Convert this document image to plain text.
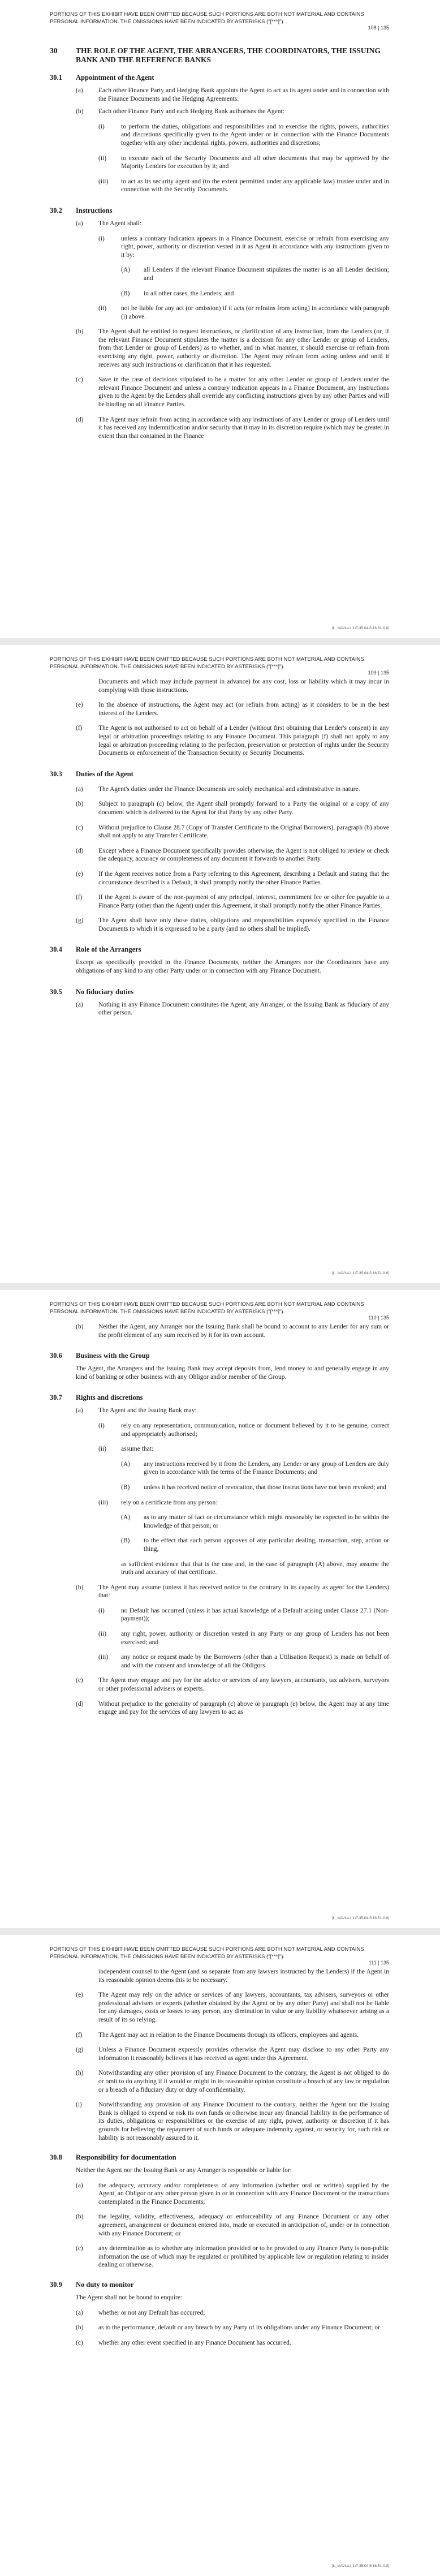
PORTIONS OF THIS EXHIBIT HAVE BEEN OMITTED BECAUSE SUCH PORTIONS ARE BOTH NOT MATERIAL AND CONTAINS PERSONAL INFORMATION. THE OMISSIONS HAVE BEEN INDICATED BY ASTERISKS ("[***]").
108 | 135
30	THE ROLE OF THE AGENT, THE ARRANGERS, THE COORDINATORS, THE ISSUING BANK AND THE REFERENCE BANKS
30.1	Appointment of the Agent
(a)	Each other Finance Party and Hedging Bank appoints the Agent to act as its agent under and in connection with the Finance Documents and the Hedging Agreements.
(b)	Each other Finance Party and each Hedging Bank authorises the Agent:
(i)	to perform the duties, obligations and responsibilities and to exercise the rights, powers, authorities and discretions specifically given to the Agent under or in connection with the Finance Documents together with any other incidental rights, powers, authorities and discretions;
(ii)	to execute each of the Security Documents and all other documents that may be approved by the Majority Lenders for execution by it; and
(iii)	to act as its security agent and (to the extent permitted under any applicable law) trustee under and in connection with the Security Documents.
30.2	Instructions
(a)	The Agent shall:
(i)	unless a contrary indication appears in a Finance Document, exercise or refrain from exercising any right, power, authority or discretion vested in it as Agent in accordance with any instructions given to it by:
(A)	all Lenders if the relevant Finance Document stipulates the matter is an all Lender decision; and
(B)	in all other cases, the Lenders; and
(ii)	not be liable for any act (or omission) if it acts (or refrains from acting) in accordance with paragraph (i) above.
(b)	The Agent shall be entitled to request instructions, or clarification of any instruction, from the Lenders (or, if the relevant Finance Document stipulates the matter is a decision for any other Lender or group of Lenders, from that Lender or group of Lenders) as to whether, and in what manner, it should exercise or refrain from exercising any right, power, authority or discretion. The Agent may refrain from acting unless and until it receives any such instructions or clarification that it has requested.
(c)	Save in the case of decisions stipulated to be a matter for any other Lender or group of Lenders under the relevant Finance Document and unless a contrary indication appears in a Finance Document, any instructions given to the Agent by the Lenders shall override any conflicting instructions given by any other Parties and will be binding on all Finance Parties.
(d)	The Agent may refrain from acting in accordance with any instructions of any Lender or group of Lenders until it has received any indemnification and/or security that it may in its discretion require (which may be greater in extent than that contained in the Finance
[L_1\AVL\Li_1\T-35.04-5.16.51-0.0]
PORTIONS OF THIS EXHIBIT HAVE BEEN OMITTED BECAUSE SUCH PORTIONS ARE BOTH NOT MATERIAL AND CONTAINS PERSONAL INFORMATION. THE OMISSIONS HAVE BEEN INDICATED BY ASTERISKS ("[***]").
109 | 135
Documents and which may include payment in advance) for any cost, loss or liability which it may incur in complying with those instructions.
(e)	In the absence of instructions, the Agent may act (or refrain from acting) as it considers to be in the best interest of the Lenders.
(f)	The Agent is not authorised to act on behalf of a Lender (without first obtaining that Lender's consent) in any legal or arbitration proceedings relating to any Finance Document. This paragraph (f) shall not apply to any legal or arbitration proceeding relating to the perfection, preservation or protection of rights under the Security Documents or enforcement of the Transaction Security or Security Documents.
30.3	Duties of the Agent
(a)	The Agent's duties under the Finance Documents are solely mechanical and administrative in nature.
(b)	Subject to paragraph (c) below, the Agent shall promptly forward to a Party the original or a copy of any document which is delivered to the Agent for that Party by any other Party.
(c)	Without prejudice to Clause 28.7 (Copy of Transfer Certificate to the Original Borrowers), paragraph (b) above shall not apply to any Transfer Certificate.
(d)	Except where a Finance Document specifically provides otherwise, the Agent is not obliged to review or check the adequacy, accuracy or completeness of any document it forwards to another Party.
(e)	If the Agent receives notice from a Party referring to this Agreement, describing a Default and stating that the circumstance described is a Default, it shall promptly notify the other Finance Parties.
(f)	If the Agent is aware of the non-payment of any principal, interest, commitment fee or other fee payable to a Finance Party (other than the Agent) under this Agreement, it shall promptly notify the other Finance Parties.
(g)	The Agent shall have only those duties, obligations and responsibilities expressly specified in the Finance Documents to which it is expressed to be a party (and no others shall be implied).
30.4	Role of the Arrangers
Except as specifically provided in the Finance Documents, neither the Arrangers nor the Coordinators have any obligations of any kind to any other Party under or in connection with any Finance Document.
30.5	No fiduciary duties
(a)	Nothing in any Finance Document constitutes the Agent, any Arranger, or the Issuing Bank as fiduciary of any other person.
[L_1\AVL\Li_1\T-35.04-5.16.51-0.0]
PORTIONS OF THIS EXHIBIT HAVE BEEN OMITTED BECAUSE SUCH PORTIONS ARE BOTH NOT MATERIAL AND CONTAINS PERSONAL INFORMATION. THE OMISSIONS HAVE BEEN INDICATED BY ASTERISKS ("[***]").
110 | 135
(b)	Neither the Agent, any Arranger nor the Issuing Bank shall be bound to account to any Lender for any sum or the profit element of any sum received by it for its own account.
30.6	Business with the Group
The Agent, the Arrangers and the Issuing Bank may accept deposits from, lend money to and generally engage in any kind of banking or other business with any Obligor and/or member of the Group.
30.7	Rights and discretions
(a)	The Agent and the Issuing Bank may:
(i)	rely on any representation, communication, notice or document believed by it to be genuine, correct and appropriately authorised;
(ii)	assume that:
(A)	any instructions received by it from the Lenders, any Lender or any group of Lenders are duly given in accordance with the terms of the Finance Documents; and
(B)	unless it has received notice of revocation, that those instructions have not been revoked; and
(iii)	rely on a certificate from any person:
(A)	as to any matter of fact or circumstance which might reasonably be expected to be within the knowledge of that person; or
(B)	to the effect that such person approves of any particular dealing, transaction, step, action or thing,
as sufficient evidence that that is the case and, in the case of paragraph (A) above, may assume the truth and accuracy of that certificate.
(b)	The Agent may assume (unless it has received notice to the contrary in its capacity as agent for the Lenders) that:
(i)	no Default has occurred (unless it has actual knowledge of a Default arising under Clause 27.1 (Non-payment));
(ii)	any right, power, authority or discretion vested in any Party or any group of Lenders has not been exercised; and
(iii)	any notice or request made by the Borrowers (other than a Utilisation Request) is made on behalf of and with the consent and knowledge of all the Obligors.
(c)	The Agent may engage and pay for the advice or services of any lawyers, accountants, tax advisers, surveyors or other professional advisers or experts.
(d)	Without prejudice to the generality of paragraph (c) above or paragraph (e) below, the Agent may at any time engage and pay for the services of any lawyers to act as
[L_1\AVL\Li_1\T-35.04-5.16.51-0.0]
PORTIONS OF THIS EXHIBIT HAVE BEEN OMITTED BECAUSE SUCH PORTIONS ARE BOTH NOT MATERIAL AND CONTAINS PERSONAL INFORMATION. THE OMISSIONS HAVE BEEN INDICATED BY ASTERISKS ("[***]").
111 | 135
independent counsel to the Agent (and so separate from any lawyers instructed by the Lenders) if the Agent in its reasonable opinion deems this to be necessary.
(e)	The Agent may rely on the advice or services of any lawyers, accountants, tax advisers, surveyors or other professional advisers or experts (whether obtained by the Agent or by any other Party) and shall not be liable for any damages, costs or losses to any person, any diminution in value or any liability whatsoever arising as a result of its so relying.
(f)	The Agent may act in relation to the Finance Documents through its officers, employees and agents.
(g)	Unless a Finance Document expressly provides otherwise the Agent may disclose to any other Party any information it reasonably believes it has received as agent under this Agreement.
(h)	Notwithstanding any other provision of any Finance Document to the contrary, the Agent is not obliged to do or omit to do anything if it would or might in its reasonable opinion constitute a breach of any law or regulation or a breach of a fiduciary duty or duty of confidentiality.
(i)	Notwithstanding any provision of any Finance Document to the contrary, neither the Agent nor the Issuing Bank is obliged to expend or risk its own funds or otherwise incur any financial liability in the performance of its duties, obligations or responsibilities or the exercise of any right, power, authority or discretion if it has grounds for believing the repayment of such funds or adequate indemnity against, or security for, such risk or liability is not reasonably assured to it.
30.8	Responsibility for documentation
Neither the Agent nor the Issuing Bank or any Arranger is responsible or liable for:
(a)	the adequacy, accuracy and/or completeness of any information (whether oral or written) supplied by the Agent, an Obligor or any other person given in or in connection with any Finance Document or the transactions contemplated in the Finance Documents;
(b)	the legality, validity, effectiveness, adequacy or enforceability of any Finance Document or any other agreement, arrangement or document entered into, made or executed in anticipation of, under or in connection with any Finance Document; or
(c)	any determination as to whether any information provided or to be provided to any Finance Party is non-public information the use of which may be regulated or prohibited by applicable law or regulation relating to insider dealing or otherwise.
30.9	No duty to monitor
The Agent shall not be bound to enquire:
(a)	whether or not any Default has occurred;
(b)	as to the performance, default or any breach by any Party of its obligations under any Finance Document; or
(c)	whether any other event specified in any Finance Document has occurred.
[L_1\AVL\Li_1\T-35.04-5.16.51-0.0]
